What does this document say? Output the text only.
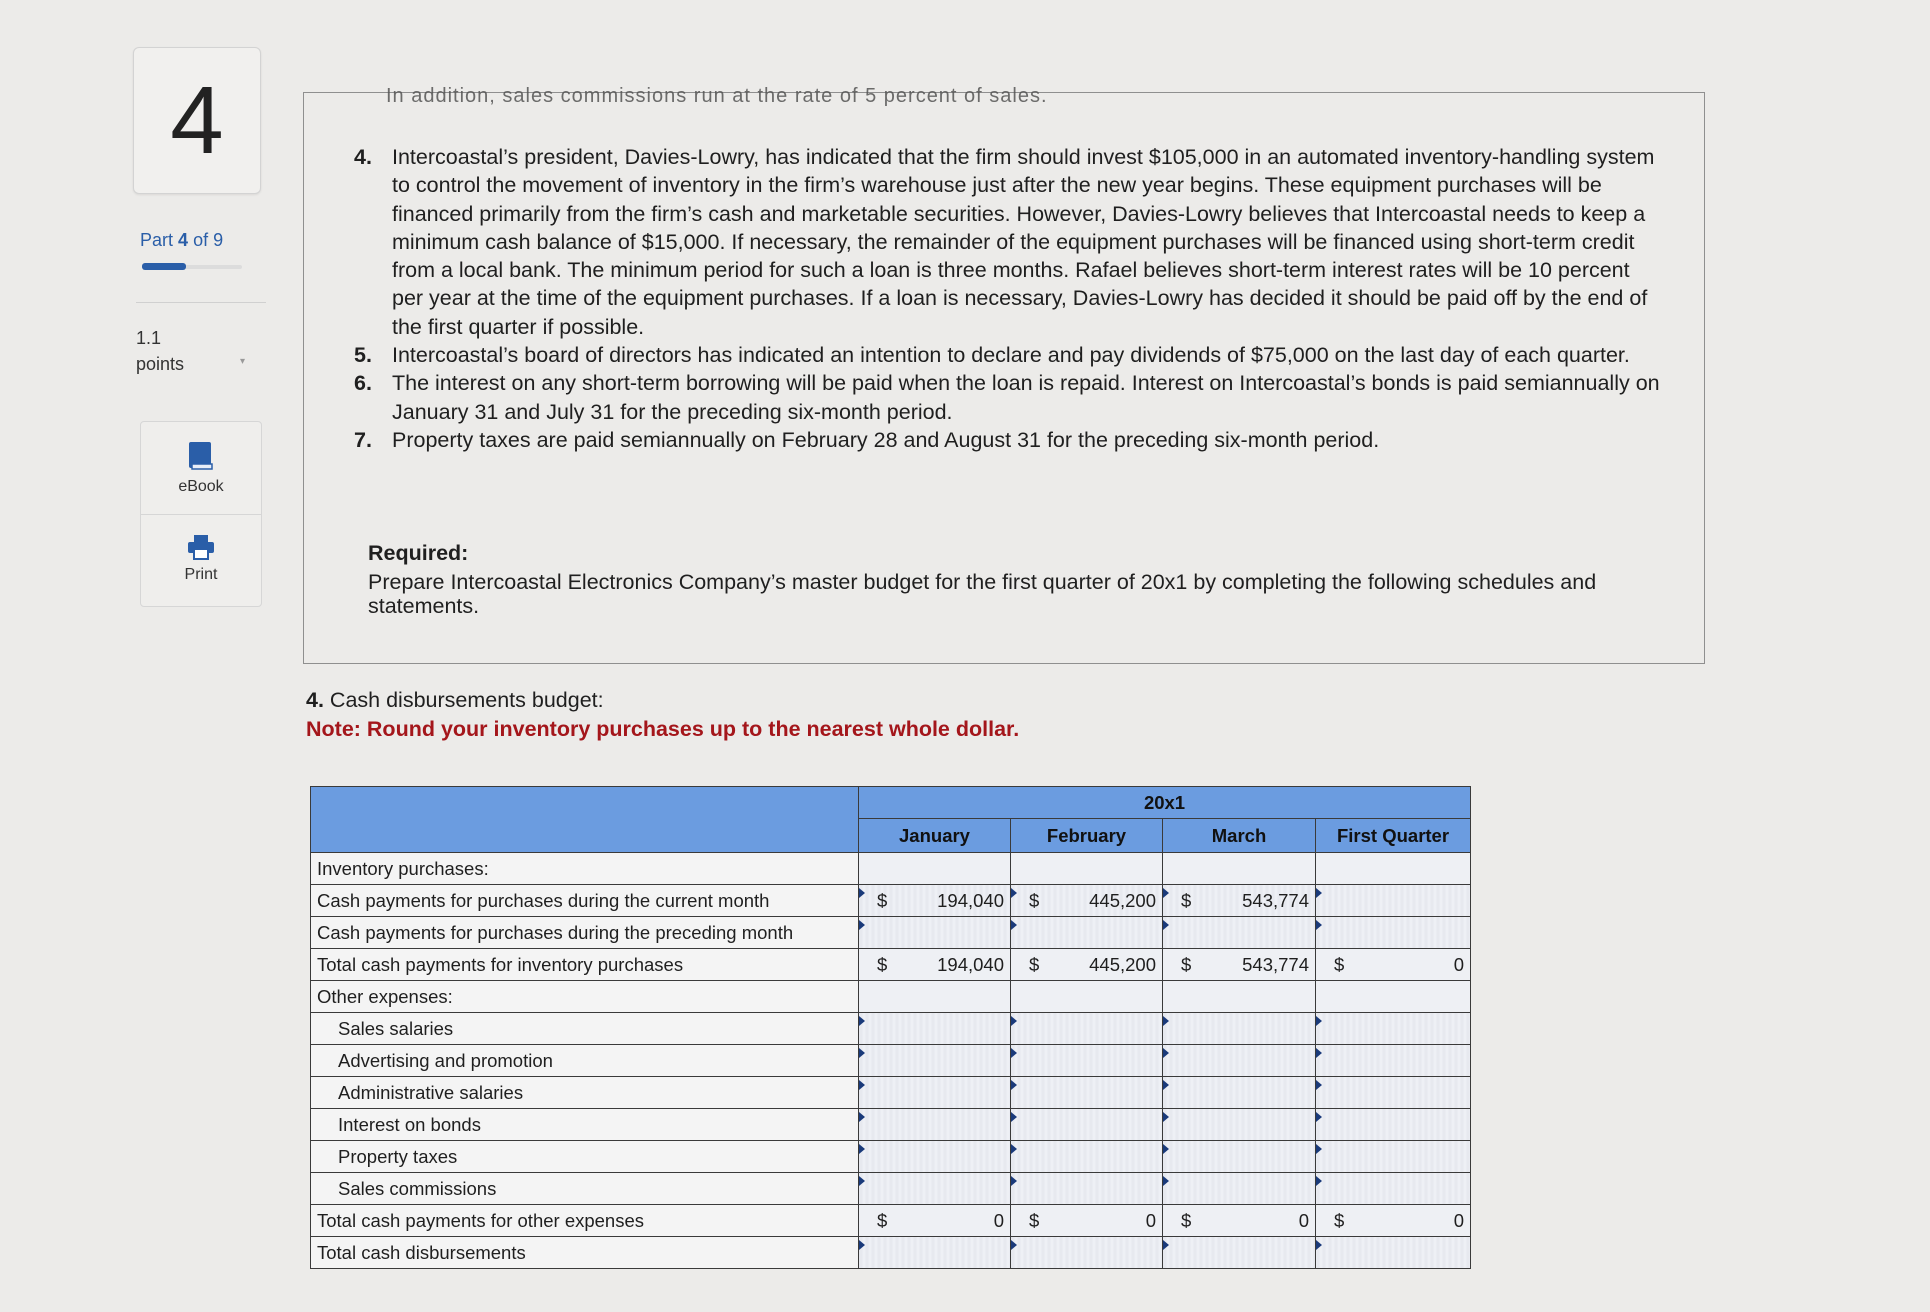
4
Part 4 of 9
1.1
points	▾
eBook
Print
In addition, sales commissions run at the rate of 5 percent of sales.
4. Intercoastal’s president, Davies-Lowry, has indicated that the firm should invest $105,000 in an automated inventory-handling system to control the movement of inventory in the firm’s warehouse just after the new year begins. These equipment purchases will be financed primarily from the firm’s cash and marketable securities. However, Davies-Lowry believes that Intercoastal needs to keep a minimum cash balance of $15,000. If necessary, the remainder of the equipment purchases will be financed using short-term credit from a local bank. The minimum period for such a loan is three months. Rafael believes short-term interest rates will be 10 percent per year at the time of the equipment purchases. If a loan is necessary, Davies-Lowry has decided it should be paid off by the end of the first quarter if possible.
5. Intercoastal’s board of directors has indicated an intention to declare and pay dividends of $75,000 on the last day of each quarter.
6. The interest on any short-term borrowing will be paid when the loan is repaid. Interest on Intercoastal’s bonds is paid semiannually on January 31 and July 31 for the preceding six-month period.
7. Property taxes are paid semiannually on February 28 and August 31 for the preceding six-month period.
Required:
Prepare Intercoastal Electronics Company’s master budget for the first quarter of 20x1 by completing the following schedules and statements.
4. Cash disbursements budget:
Note: Round your inventory purchases up to the nearest whole dollar.
	20x1			
	January	February	March	First Quarter
Inventory purchases:				
Cash payments for purchases during the current month	$ 194,040	$ 445,200	$ 543,774	

Cash payments for purchases during the preceding month				
Total cash payments for inventory purchases	$ 194,040	$ 445,200	$ 543,774	$ 0

Other expenses:				
Sales salaries				
Advertising and promotion				
Administrative salaries				
Interest on bonds				
Property taxes				
Sales commissions				
Total cash payments for other expenses	$ 0	$ 0	$ 0	$ 0

Total cash disbursements				
